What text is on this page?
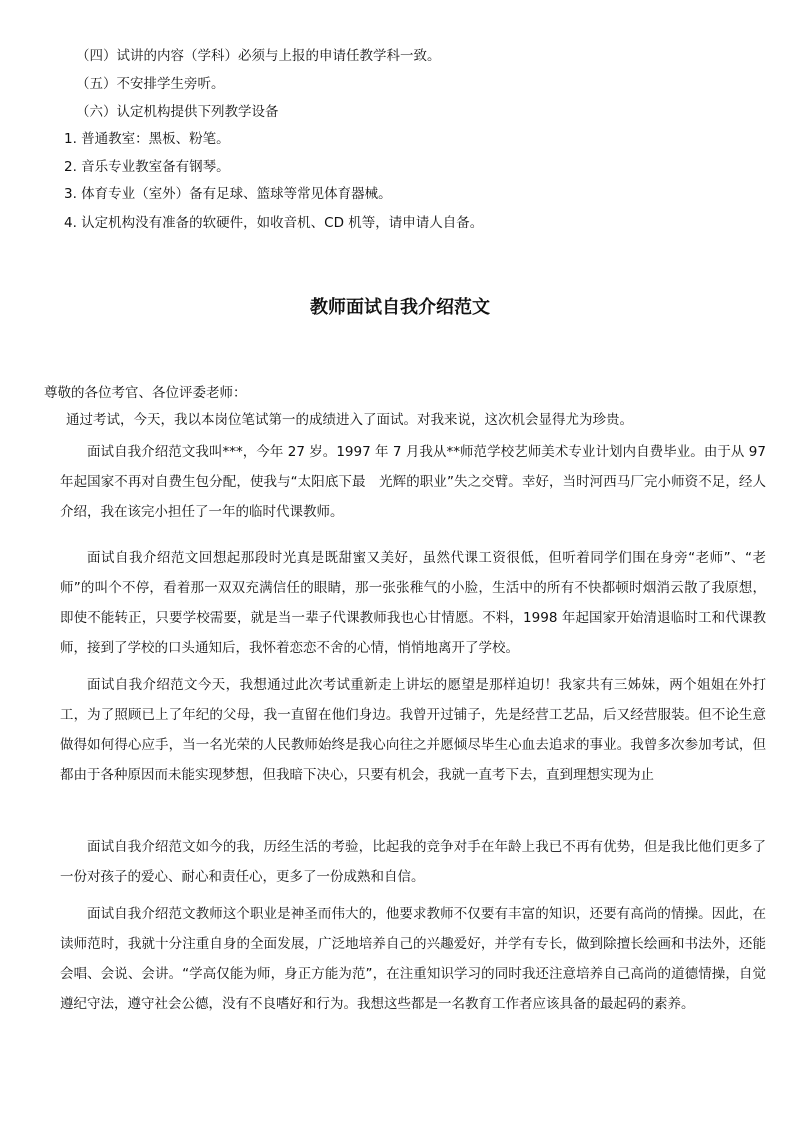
（四）试讲的内容（学科）必须与上报的申请任教学科一致。
（五）不安排学生旁听。
（六）认定机构提供下列教学设备
1. 普通教室：黑板、粉笔。
2. 音乐专业教室备有钢琴。
3. 体育专业（室外）备有足球、篮球等常见体育器械。
4. 认定机构没有准备的软硬件，如收音机、CD 机等，请申请人自备。
教师面试自我介绍范文
尊敬的各位考官、各位评委老师：
通过考试，今天，我以本岗位笔试第一的成绩进入了面试。对我来说，这次机会显得尤为珍贵。
面试自我介绍范文我叫***，今年 27 岁。1997 年 7 月我从**师范学校艺师美术专业计划内自费毕业。由于从 97 年起国家不再对自费生包分配，使我与“太阳底下最　光辉的职业”失之交臂。幸好，当时河西马厂完小师资不足，经人介绍，我在该完小担任了一年的临时代课教师。
面试自我介绍范文回想起那段时光真是既甜蜜又美好，虽然代课工资很低，但听着同学们围在身旁“老师”、“老师”的叫个不停，看着那一双双充满信任的眼睛，那一张张稚气的小脸，生活中的所有不快都顿时烟消云散了我原想，即使不能转正，只要学校需要，就是当一辈子代课教师我也心甘情愿。不料，1998 年起国家开始清退临时工和代课教师，接到了学校的口头通知后，我怀着恋恋不舍的心情，悄悄地离开了学校。
面试自我介绍范文今天，我想通过此次考试重新走上讲坛的愿望是那样迫切！我家共有三姊妹，两个姐姐在外打工，为了照顾已上了年纪的父母，我一直留在他们身边。我曾开过铺子，先是经营工艺品，后又经营服装。但不论生意做得如何得心应手，当一名光荣的人民教师始终是我心向往之并愿倾尽毕生心血去追求的事业。我曾多次参加考试，但都由于各种原因而未能实现梦想，但我暗下决心，只要有机会，我就一直考下去，直到理想实现为止
面试自我介绍范文如今的我，历经生活的考验，比起我的竞争对手在年龄上我已不再有优势，但是我比他们更多了一份对孩子的爱心、耐心和责任心，更多了一份成熟和自信。
面试自我介绍范文教师这个职业是神圣而伟大的，他要求教师不仅要有丰富的知识，还要有高尚的情操。因此，在读师范时，我就十分注重自身的全面发展，广泛地培养自己的兴趣爱好，并学有专长，做到除擅长绘画和书法外，还能会唱、会说、会讲。“学高仅能为师，身正方能为范”，在注重知识学习的同时我还注意培养自己高尚的道德情操，自觉遵纪守法，遵守社会公德，没有不良嗜好和行为。我想这些都是一名教育工作者应该具备的最起码的素养。
